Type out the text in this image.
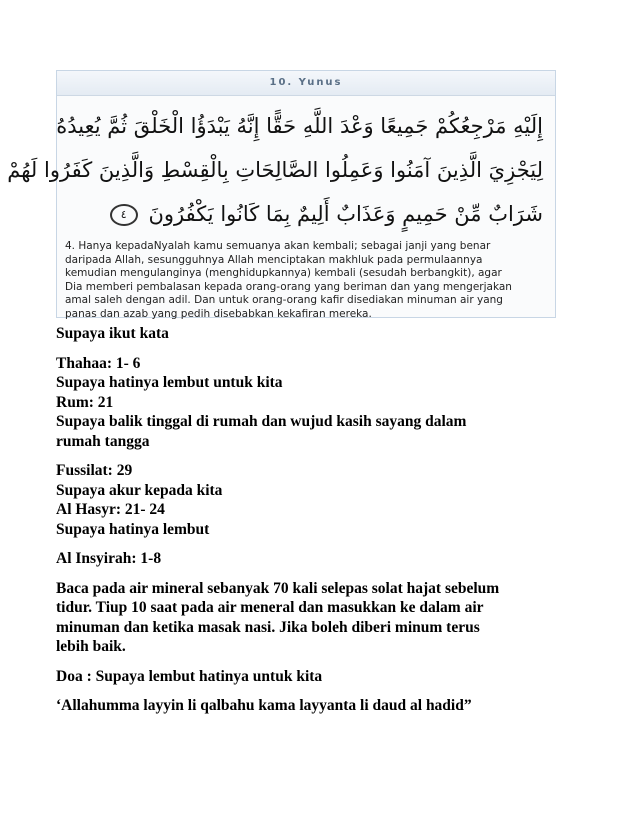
10. Yunus
إِلَيْهِ مَرْجِعُكُمْ جَمِيعًا وَعْدَ اللَّهِ حَقًّا إِنَّهُ يَبْدَؤُا الْخَلْقَ ثُمَّ يُعِيدُهُ
لِيَجْزِيَ الَّذِينَ آمَنُوا وَعَمِلُوا الصَّالِحَاتِ بِالْقِسْطِ وَالَّذِينَ كَفَرُوا لَهُمْ
شَرَابٌ مِّنْ حَمِيمٍ وَعَذَابٌ أَلِيمٌ بِمَا كَانُوا يَكْفُرُونَ ٤
4. Hanya kepadaNyalah kamu semuanya akan kembali; sebagai janji yang benar
daripada Allah, sesungguhnya Allah menciptakan makhluk pada permulaannya
kemudian mengulanginya (menghidupkannya) kembali (sesudah berbangkit), agar
Dia memberi pembalasan kepada orang-orang yang beriman dan yang mengerjakan
amal saleh dengan adil. Dan untuk orang-orang kafir disediakan minuman air yang
panas dan azab yang pedih disebabkan kekafiran mereka.

Supaya ikut kata

Thahaa: 1- 6

Supaya hatinya lembut untuk kita

Rum: 21

Supaya balik tinggal di rumah dan wujud kasih sayang dalam

rumah tangga

Fussilat: 29

Supaya akur kepada kita

Al Hasyr: 21- 24

Supaya hatinya lembut

Al Insyirah: 1-8

Baca pada air mineral sebanyak 70 kali selepas solat hajat sebelum

tidur. Tiup 10 saat pada air meneral dan masukkan ke dalam air

minuman dan ketika masak nasi. Jika boleh diberi minum terus

lebih baik.

Doa : Supaya lembut hatinya untuk kita

‘Allahumma layyin li qalbahu kama layyanta li daud al hadid”
